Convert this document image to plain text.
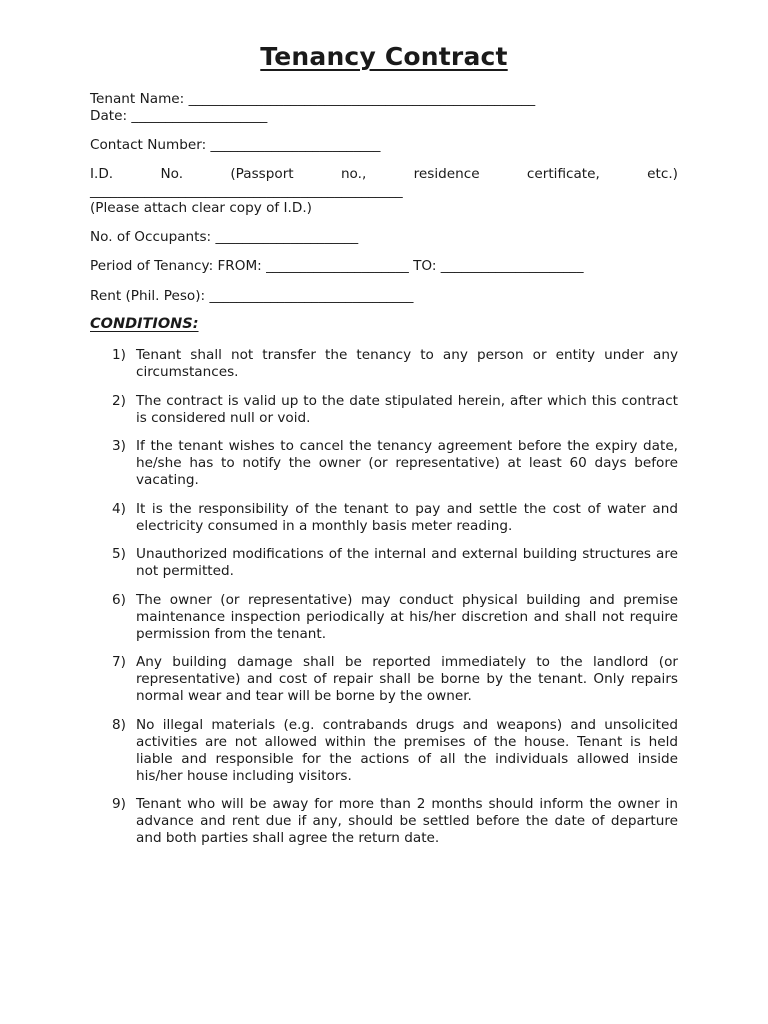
Tenancy Contract
Tenant Name: ___________________________________________________
Date: ____________________
Contact Number: _________________________
I.D.	No.	(Passport	no.,	residence	certificate,	etc.)
______________________________________________
(Please attach clear copy of I.D.)
No. of Occupants: _____________________
Period of Tenancy: FROM: _____________________ TO: _____________________
Rent (Phil. Peso): ______________________________
CONDITIONS:
1) Tenant shall not transfer the tenancy to any person or entity under any circumstances.
2) The contract is valid up to the date stipulated herein, after which this contract is considered null or void.
3) If the tenant wishes to cancel the tenancy agreement before the expiry date, he/she has to notify the owner (or representative) at least 60 days before vacating.
4) It is the responsibility of the tenant to pay and settle the cost of water and electricity consumed in a monthly basis meter reading.
5) Unauthorized modifications of the internal and external building structures are not permitted.
6) The owner (or representative) may conduct physical building and premise maintenance inspection periodically at his/her discretion and shall not require permission from the tenant.
7) Any building damage shall be reported immediately to the landlord (or representative) and cost of repair shall be borne by the tenant. Only repairs normal wear and tear will be borne by the owner.
8) No illegal materials (e.g. contrabands drugs and weapons) and unsolicited activities are not allowed within the premises of the house. Tenant is held liable and responsible for the actions of all the individuals allowed inside his/her house including visitors.
9) Tenant who will be away for more than 2 months should inform the owner in advance and rent due if any, should be settled before the date of departure and both parties shall agree the return date.
